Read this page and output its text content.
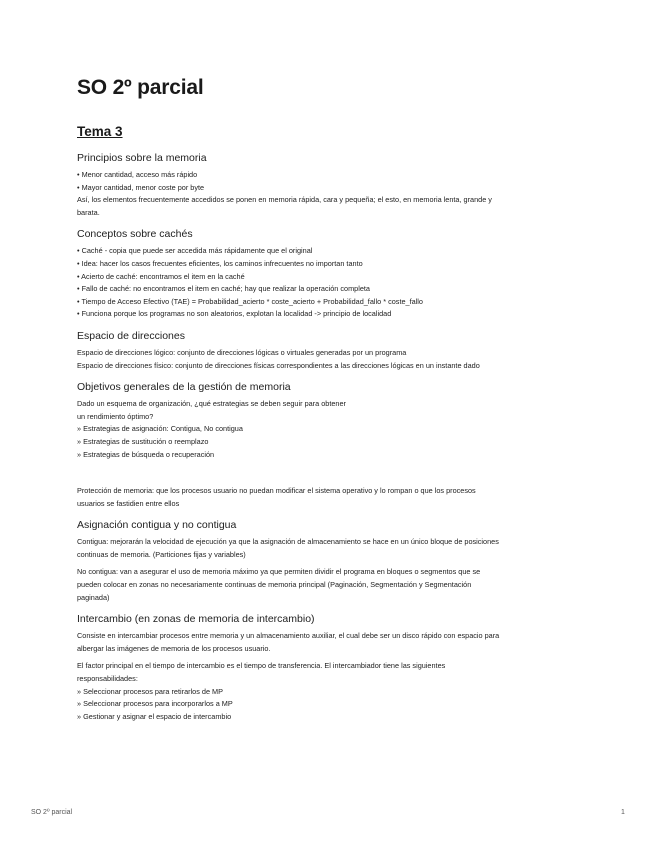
SO 2º parcial
Tema 3
Principios sobre la memoria

• Menor cantidad, acceso más rápido

• Mayor cantidad, menor coste por byte

Así, los elementos frecuentemente accedidos se ponen en memoria rápida, cara y pequeña; el esto, en memoria lenta, grande y

barata.

Conceptos sobre cachés

• Caché - copia que puede ser accedida más rápidamente que el original

• Idea: hacer los casos frecuentes eficientes, los caminos infrecuentes no importan tanto

• Acierto de caché: encontramos el item en la caché

• Fallo de caché: no encontramos el item en caché; hay que realizar la operación completa

• Tiempo de Acceso Efectivo (TAE) = Probabilidad_acierto * coste_acierto + Probabilidad_fallo * coste_fallo

• Funciona porque los programas no son aleatorios, explotan la localidad -> principio de localidad

Espacio de direcciones

Espacio de direcciones lógico: conjunto de direcciones lógicas o virtuales generadas por un programa

Espacio de direcciones físico: conjunto de direcciones físicas correspondientes a las direcciones lógicas en un instante dado

Objetivos generales de la gestión de memoria

Dado un esquema de organización, ¿qué estrategias se deben seguir para obtener

un rendimiento óptimo?

» Estrategias de asignación: Contigua, No contigua

» Estrategias de sustitución o reemplazo

» Estrategias de búsqueda o recuperación

Protección de memoria: que los procesos usuario no puedan modificar el sistema operativo y lo rompan o que los procesos

usuarios se fastidien entre ellos

Asignación contigua y no contigua

Contigua: mejorarán la velocidad de ejecución ya que la asignación de almacenamiento se hace en un único bloque de posiciones

continuas de memoria. (Particiones fijas y variables)

No contigua: van a asegurar el uso de memoria máximo ya que permiten dividir el programa en bloques o segmentos que se

pueden colocar en zonas no necesariamente continuas de memoria principal (Paginación, Segmentación y Segmentación

paginada)

Intercambio (en zonas de memoria de intercambio)

Consiste en intercambiar procesos entre memoria y un almacenamiento auxiliar, el cual debe ser un disco rápido con espacio para

albergar las imágenes de memoria de los procesos usuario.

El factor principal en el tiempo de intercambio es el tiempo de transferencia. El intercambiador tiene las siguientes

responsabilidades:

» Seleccionar procesos para retirarlos de MP

» Seleccionar procesos para incorporarlos a MP

» Gestionar y asignar el espacio de intercambio

SO 2º parcial	1
